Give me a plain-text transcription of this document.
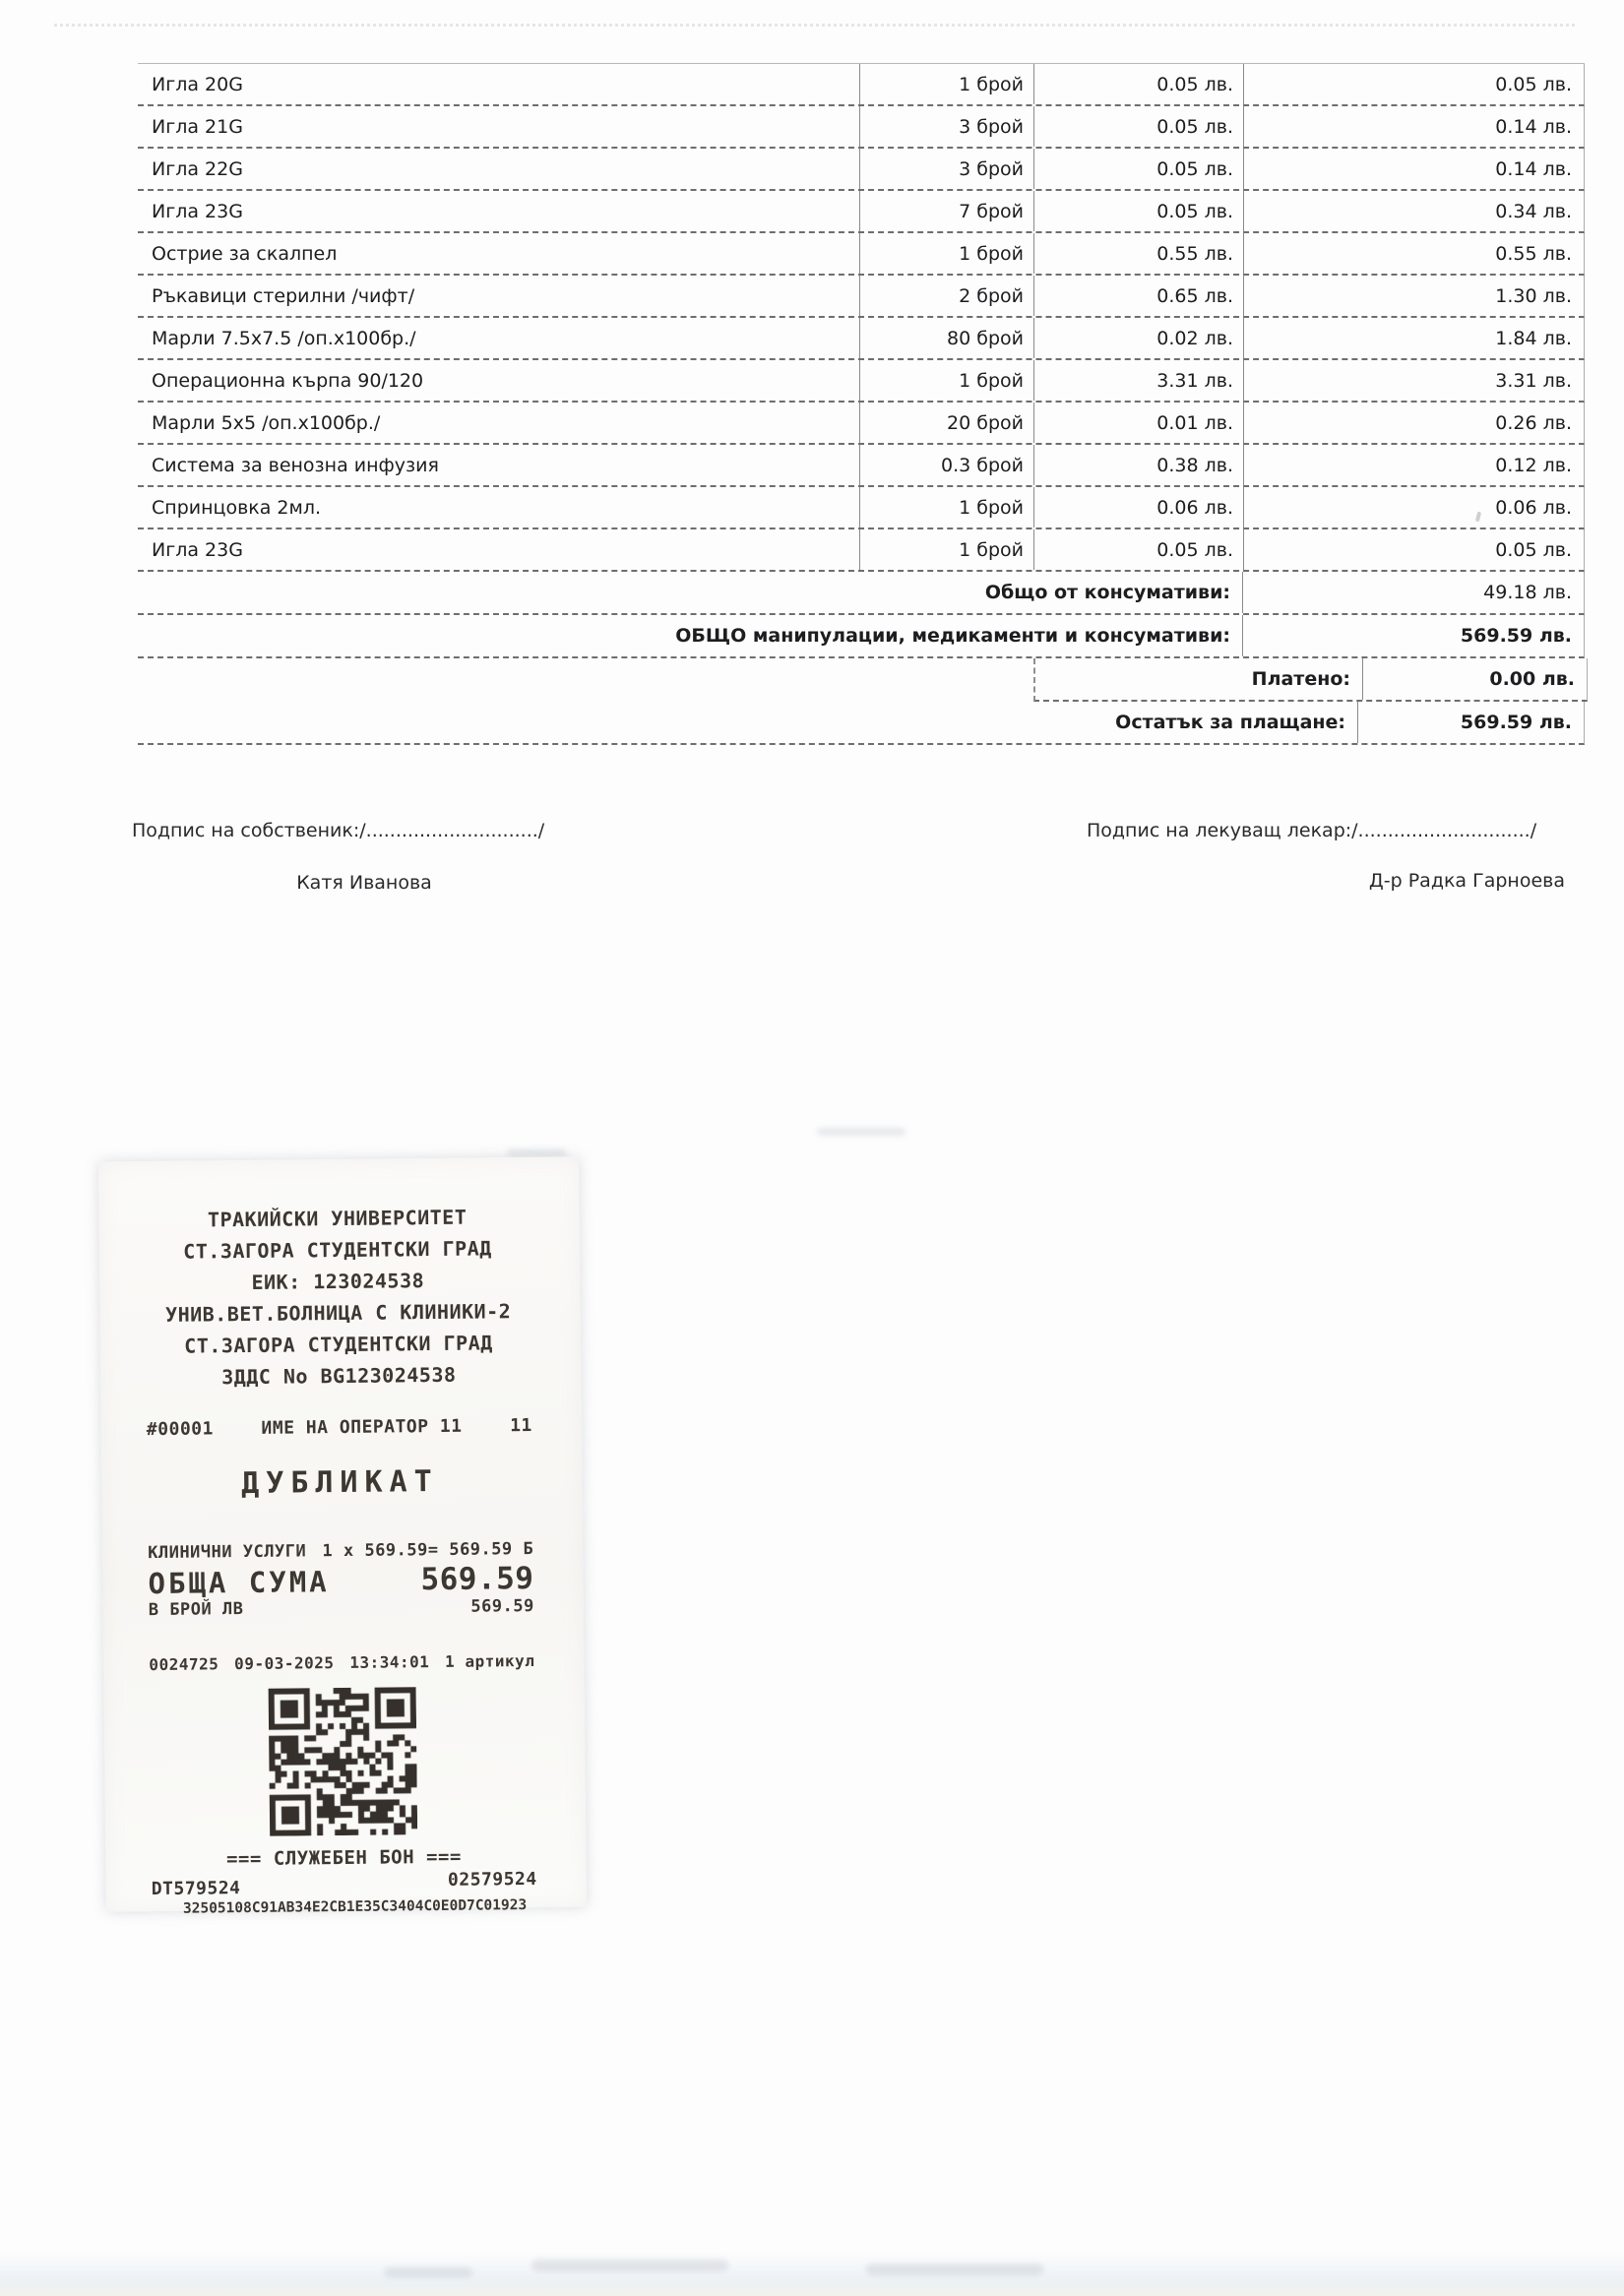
Игла 20G	1 брой	0.05 лв.	0.05 лв.
Игла 21G	3 брой	0.05 лв.	0.14 лв.
Игла 22G	3 брой	0.05 лв.	0.14 лв.
Игла 23G	7 брой	0.05 лв.	0.34 лв.
Острие за скалпел	1 брой	0.55 лв.	0.55 лв.
Ръкавици стерилни /чифт/	2 брой	0.65 лв.	1.30 лв.
Марли 7.5х7.5 /оп.х100бр./	80 брой	0.02 лв.	1.84 лв.
Операционна кърпа 90/120	1 брой	3.31 лв.	3.31 лв.
Марли 5х5 /оп.х100бр./	20 брой	0.01 лв.	0.26 лв.
Система за венозна инфузия	0.3 брой	0.38 лв.	0.12 лв.
Спринцовка 2мл.	1 брой	0.06 лв.	0.06 лв.
Игла 23G	1 брой	0.05 лв.	0.05 лв.
Общо от консумативи:	49.18 лв.
ОБЩО манипулации, медикаменти и консумативи:	569.59 лв.
Платено:	0.00 лв.
Остатък за плащане:	569.59 лв.
Подпис на собственик:/............................./	Подпис на лекуващ лекар:/............................./
Катя Иванова	Д-р Радка Гарноева
ТРАКИЙСКИ УНИВЕРСИТЕТ
СТ.ЗАГОРА СТУДЕНТСКИ ГРАД
ЕИК: 123024538
УНИВ.ВЕТ.БОЛНИЦА С КЛИНИКИ-2
СТ.ЗАГОРА СТУДЕНТСКИ ГРАД
ЗДДС No BG123024538
#00001	ИМЕ НА ОПЕРАТОР 11	11
ДУБЛИКАТ
КЛИНИЧНИ УСЛУГИ 1 x 569.59= 569.59 Б
ОБЩА СУМА	569.59
В БРОЙ ЛВ	569.59
0024725 09-03-2025 13:34:01 1 артикул
=== СЛУЖЕБЕН БОН ===
DT579524	02579524
32505108C91AB34E2CB1E35C3404C0E0D7C01923
